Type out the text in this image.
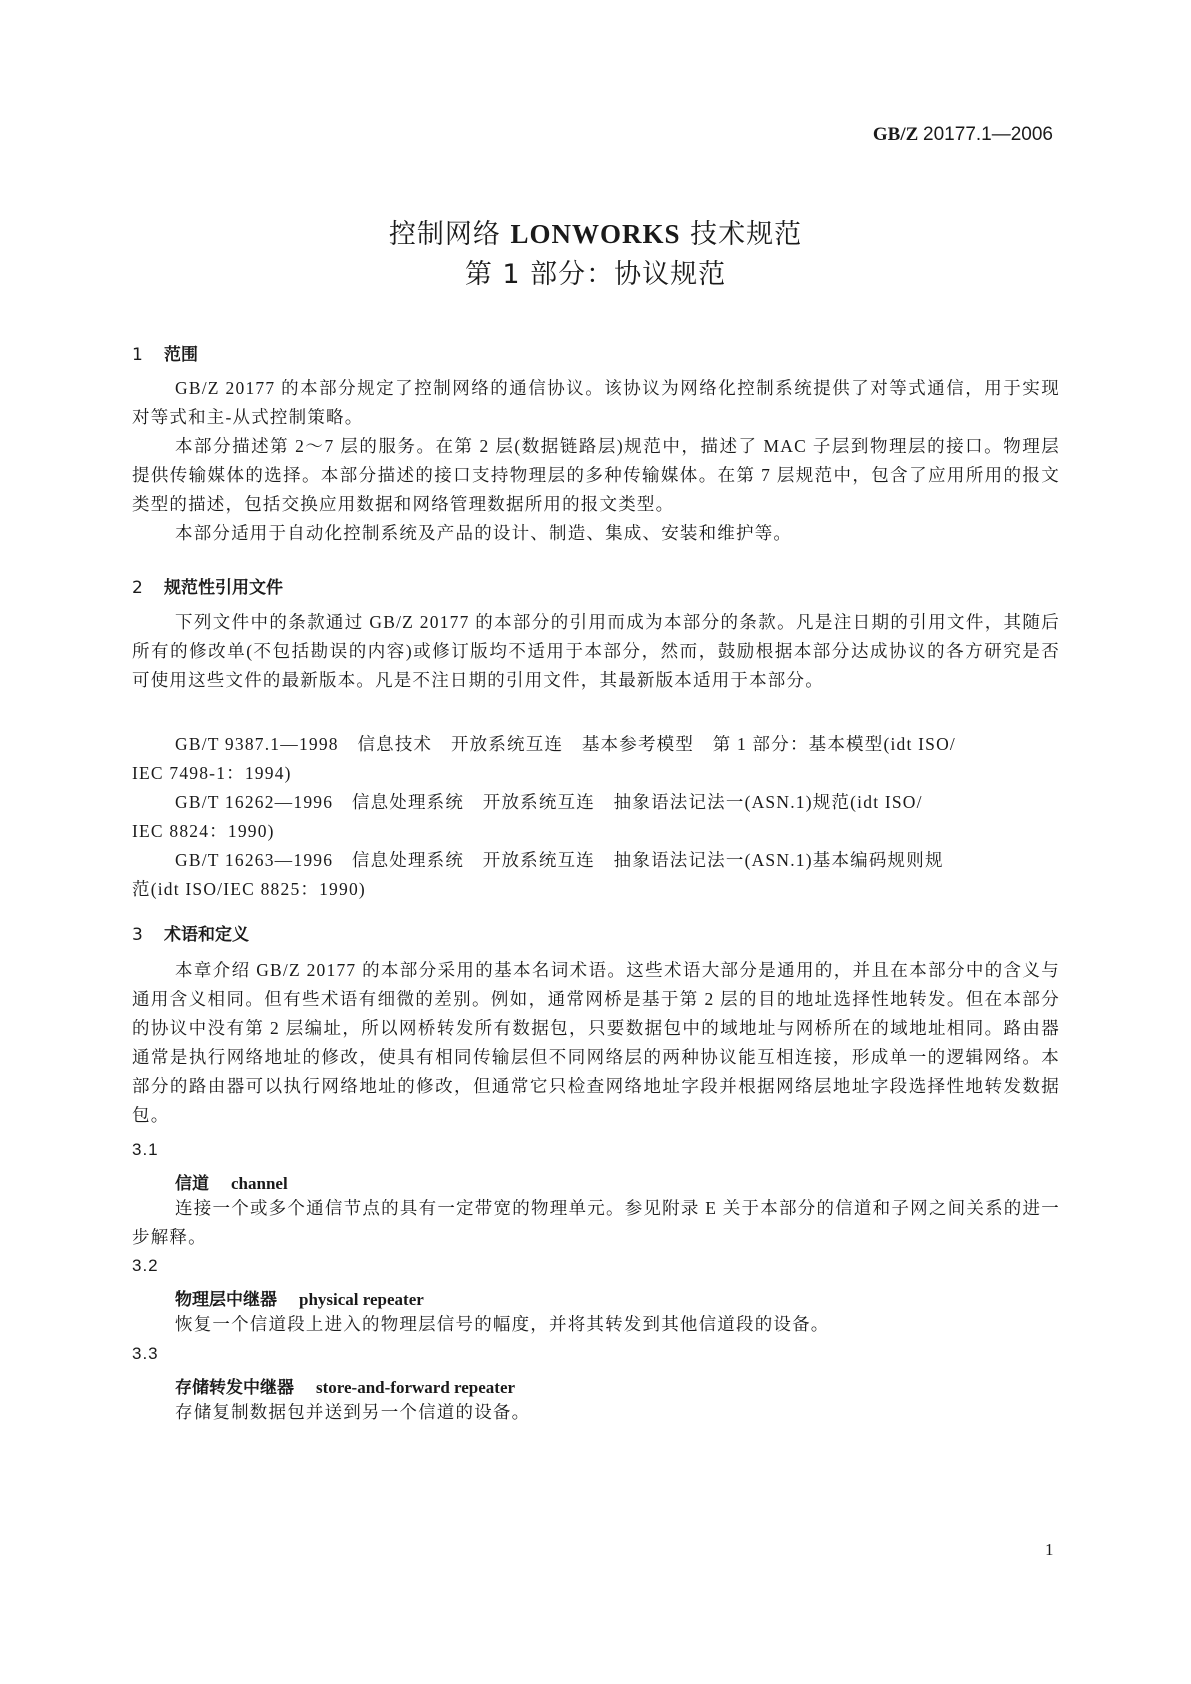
GB/Z 20177.1—2006
控制网络 LONWORKS 技术规范
第 1 部分：协议规范
1 范围
GB/Z 20177 的本部分规定了控制网络的通信协议。该协议为网络化控制系统提供了对等式通信，用于实现对等式和主-从式控制策略。
本部分描述第 2～7 层的服务。在第 2 层(数据链路层)规范中，描述了 MAC 子层到物理层的接口。物理层提供传输媒体的选择。本部分描述的接口支持物理层的多种传输媒体。在第 7 层规范中，包含了应用所用的报文类型的描述，包括交换应用数据和网络管理数据所用的报文类型。
本部分适用于自动化控制系统及产品的设计、制造、集成、安装和维护等。
2 规范性引用文件
下列文件中的条款通过 GB/Z 20177 的本部分的引用而成为本部分的条款。凡是注日期的引用文件，其随后所有的修改单(不包括勘误的内容)或修订版均不适用于本部分，然而，鼓励根据本部分达成协议的各方研究是否可使用这些文件的最新版本。凡是不注日期的引用文件，其最新版本适用于本部分。
GB/T 9387.1—1998　信息技术　开放系统互连　基本参考模型　第 1 部分：基本模型(idt ISO/
IEC 7498-1：1994)
GB/T 16262—1996　信息处理系统　开放系统互连　抽象语法记法一(ASN.1)规范(idt ISO/
IEC 8824：1990)
GB/T 16263—1996　信息处理系统　开放系统互连　抽象语法记法一(ASN.1)基本编码规则规
范(idt ISO/IEC 8825：1990)
3 术语和定义
本章介绍 GB/Z 20177 的本部分采用的基本名词术语。这些术语大部分是通用的，并且在本部分中的含义与通用含义相同。但有些术语有细微的差别。例如，通常网桥是基于第 2 层的目的地址选择性地转发。但在本部分的协议中没有第 2 层编址，所以网桥转发所有数据包，只要数据包中的域地址与网桥所在的域地址相同。路由器通常是执行网络地址的修改，使具有相同传输层但不同网络层的两种协议能互相连接，形成单一的逻辑网络。本部分的路由器可以执行网络地址的修改，但通常它只检查网络地址字段并根据网络层地址字段选择性地转发数据包。
3.1
信道 channel
连接一个或多个通信节点的具有一定带宽的物理单元。参见附录 E 关于本部分的信道和子网之间关系的进一步解释。
3.2
物理层中继器 physical repeater
恢复一个信道段上进入的物理层信号的幅度，并将其转发到其他信道段的设备。
3.3
存储转发中继器 store-and-forward repeater
存储复制数据包并送到另一个信道的设备。
1
